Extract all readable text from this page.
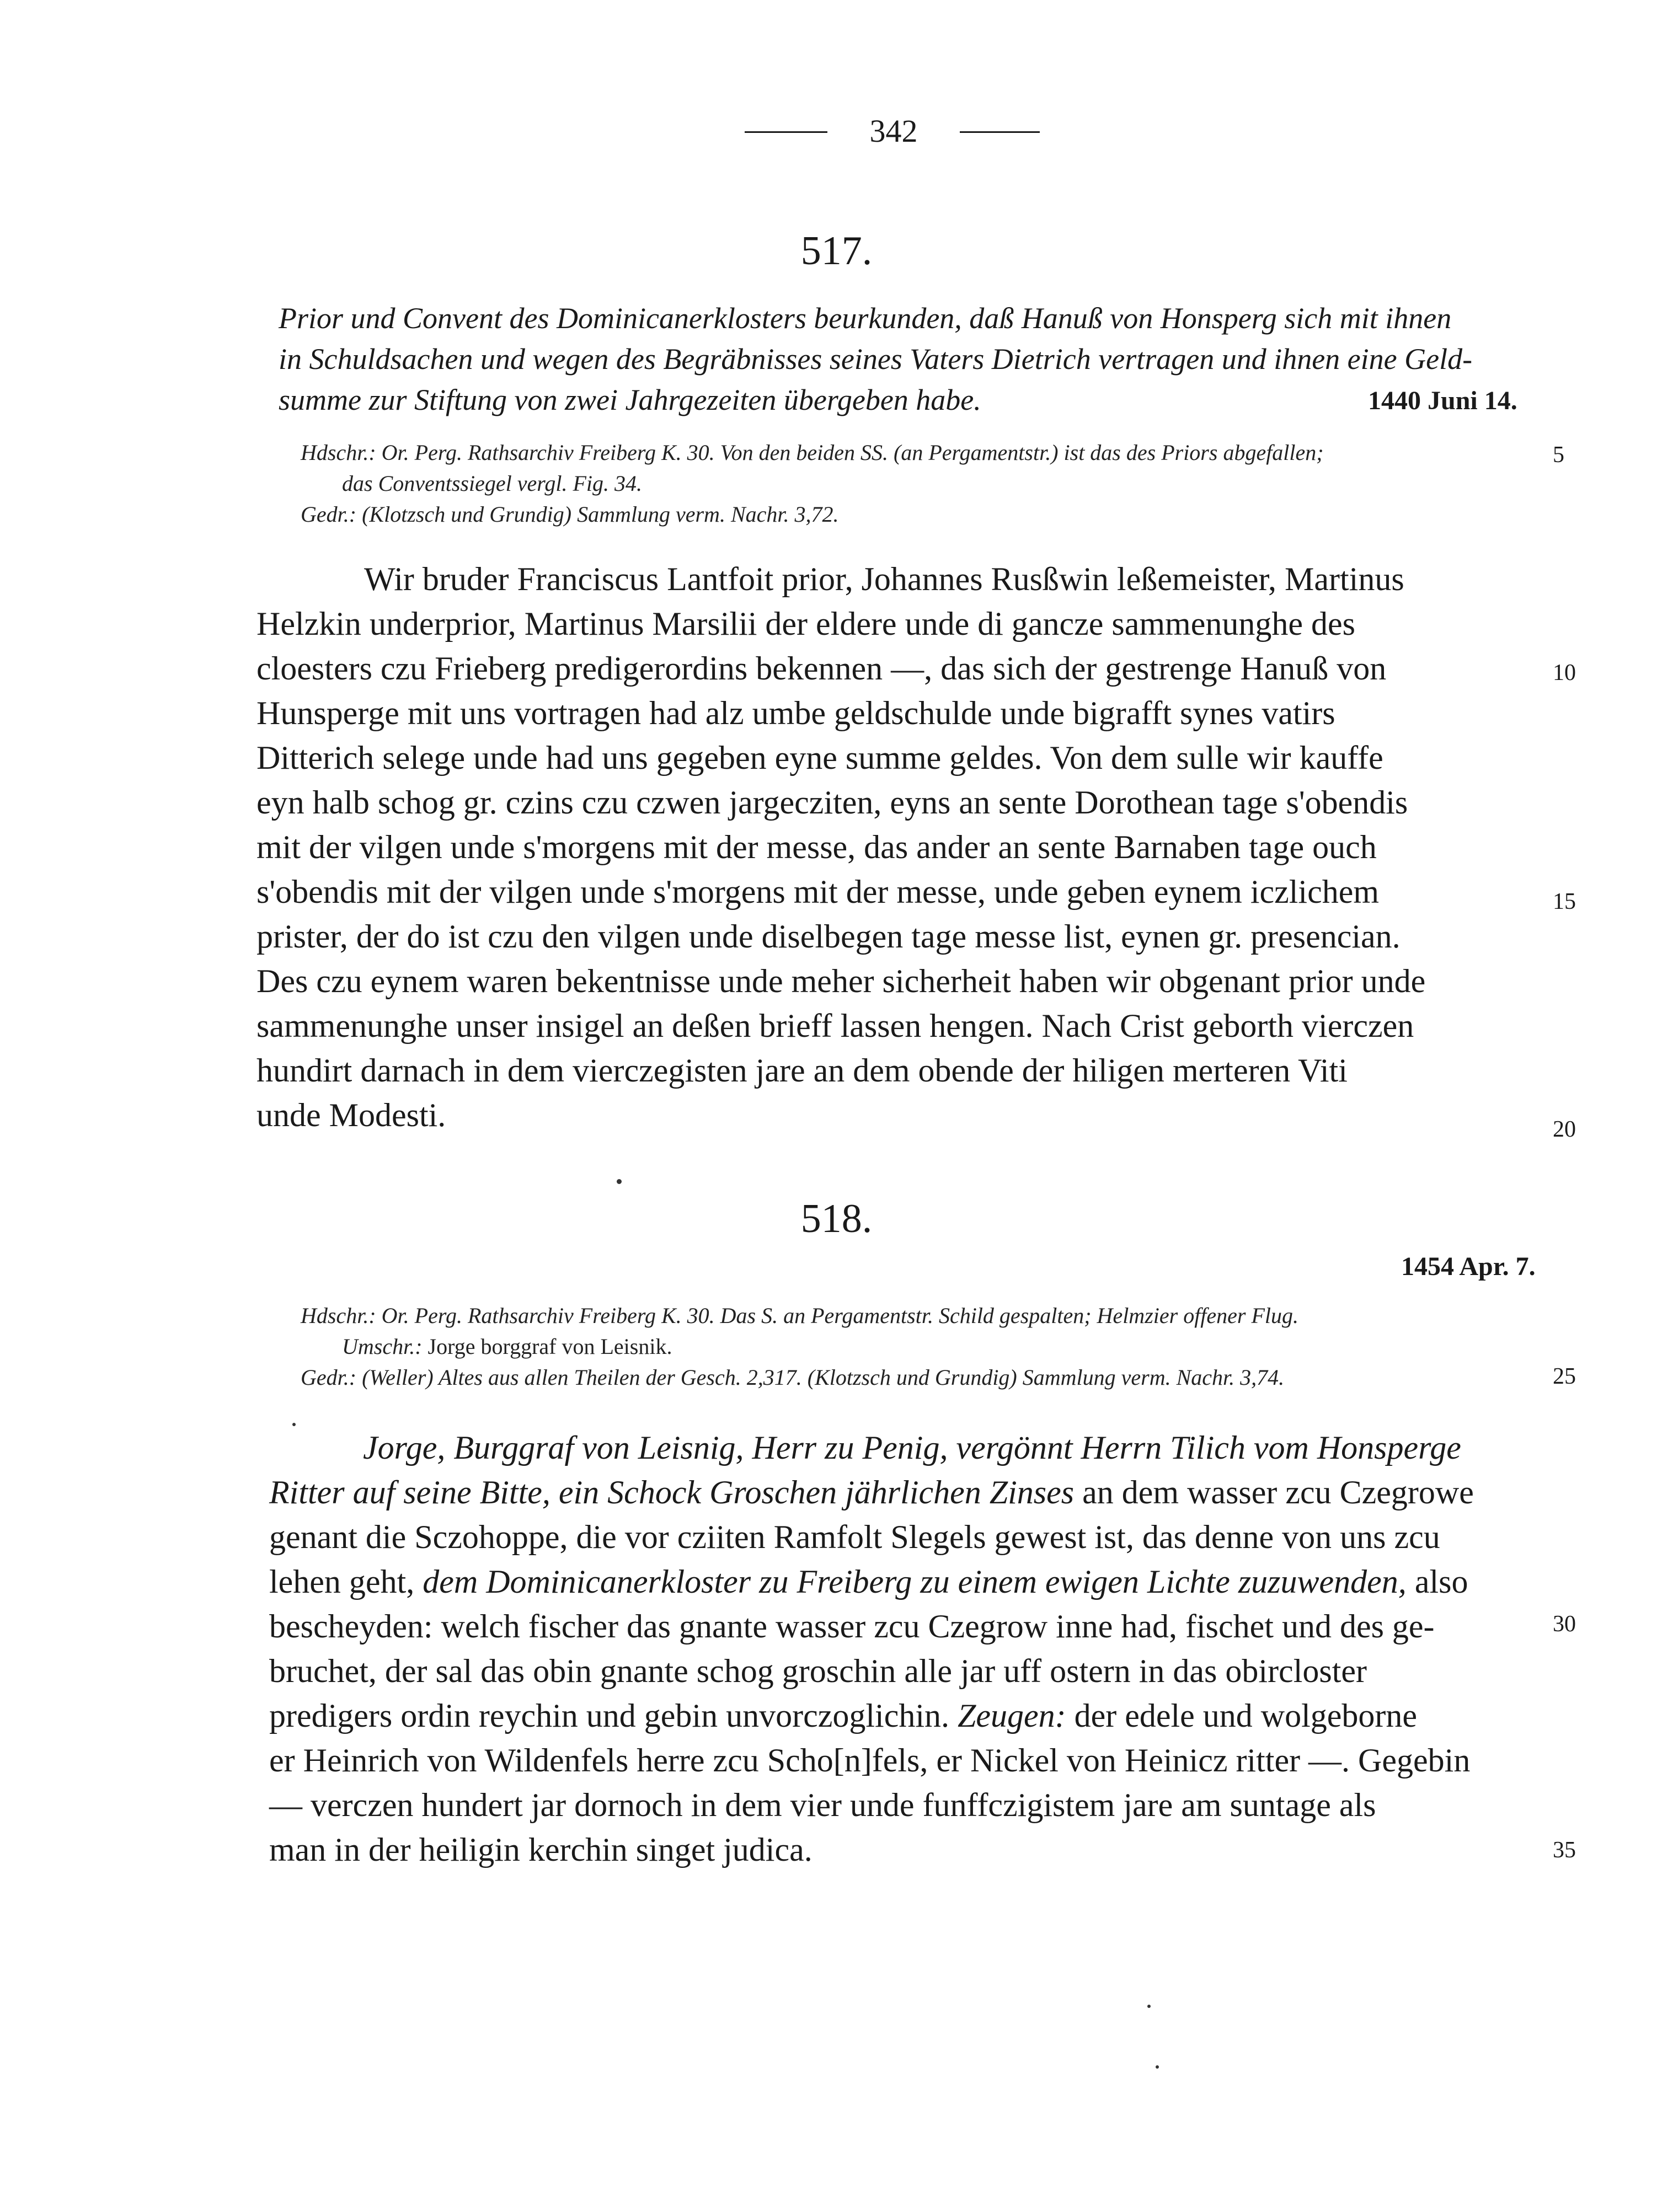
342
517.
Prior und Convent des Dominicanerklosters beurkunden, daß Hanuß von Honsperg sich mit ihnen
in Schuldsachen und wegen des Begräbnisses seines Vaters Dietrich vertragen und ihnen eine Geld-
summe zur Stiftung von zwei Jahrgezeiten übergeben habe.	1440 Juni 14.
Hdschr.: Or. Perg. Rathsarchiv Freiberg K. 30. Von den beiden SS. (an Pergamentstr.) ist das des Priors abgefallen;
das Conventssiegel vergl. Fig. 34.
Gedr.: (Klotzsch und Grundig) Sammlung verm. Nachr. 3,72.
Wir bruder Franciscus Lantfoit prior, Johannes Rusßwin leßemeister, Martinus
Helzkin underprior, Martinus Marsilii der eldere unde di gancze sammenunghe des
cloesters czu Frieberg predigerordins bekennen —, das sich der gestrenge Hanuß von
Hunsperge mit uns vortragen had alz umbe geldschulde unde bigrafft synes vatirs
Ditterich selege unde had uns gegeben eyne summe geldes. Von dem sulle wir kauffe
eyn halb schog gr. czins czu czwen jargecziten, eyns an sente Dorothean tage s'obendis
mit der vilgen unde s'morgens mit der messe, das ander an sente Barnaben tage ouch
s'obendis mit der vilgen unde s'morgens mit der messe, unde geben eynem iczlichem
prister, der do ist czu den vilgen unde diselbegen tage messe list, eynen gr. presencian.
Des czu eynem waren bekentnisse unde meher sicherheit haben wir obgenant prior unde
sammenunghe unser insigel an deßen brieff lassen hengen. Nach Crist geborth vierczen
hundirt darnach in dem vierczegisten jare an dem obende der hiligen merteren Viti
unde Modesti.
518.
1454 Apr. 7.
Hdschr.: Or. Perg. Rathsarchiv Freiberg K. 30. Das S. an Pergamentstr. Schild gespalten; Helmzier offener Flug.
Umschr.: Jorge borggraf von Leisnik.
Gedr.: (Weller) Altes aus allen Theilen der Gesch. 2,317. (Klotzsch und Grundig) Sammlung verm. Nachr. 3,74.
Jorge, Burggraf von Leisnig, Herr zu Penig, vergönnt Herrn Tilich vom Honsperge
Ritter auf seine Bitte, ein Schock Groschen jährlichen Zinses an dem wasser zcu Czegrowe
genant die Sczohoppe, die vor cziiten Ramfolt Slegels gewest ist, das denne von uns zcu
lehen geht, dem Dominicanerkloster zu Freiberg zu einem ewigen Lichte zuzuwenden, also
bescheyden: welch fischer das gnante wasser zcu Czegrow inne had, fischet und des ge-
bruchet, der sal das obin gnante schog groschin alle jar uff ostern in das obircloster
predigers ordin reychin und gebin unvorczoglichin. Zeugen: der edele und wolgeborne
er Heinrich von Wildenfels herre zcu Scho[n]fels, er Nickel von Heinicz ritter —. Gegebin
— verczen hundert jar dornoch in dem vier unde funffczigistem jare am suntage als
man in der heiligin kerchin singet judica.
5
10
15
20
25
30
35
